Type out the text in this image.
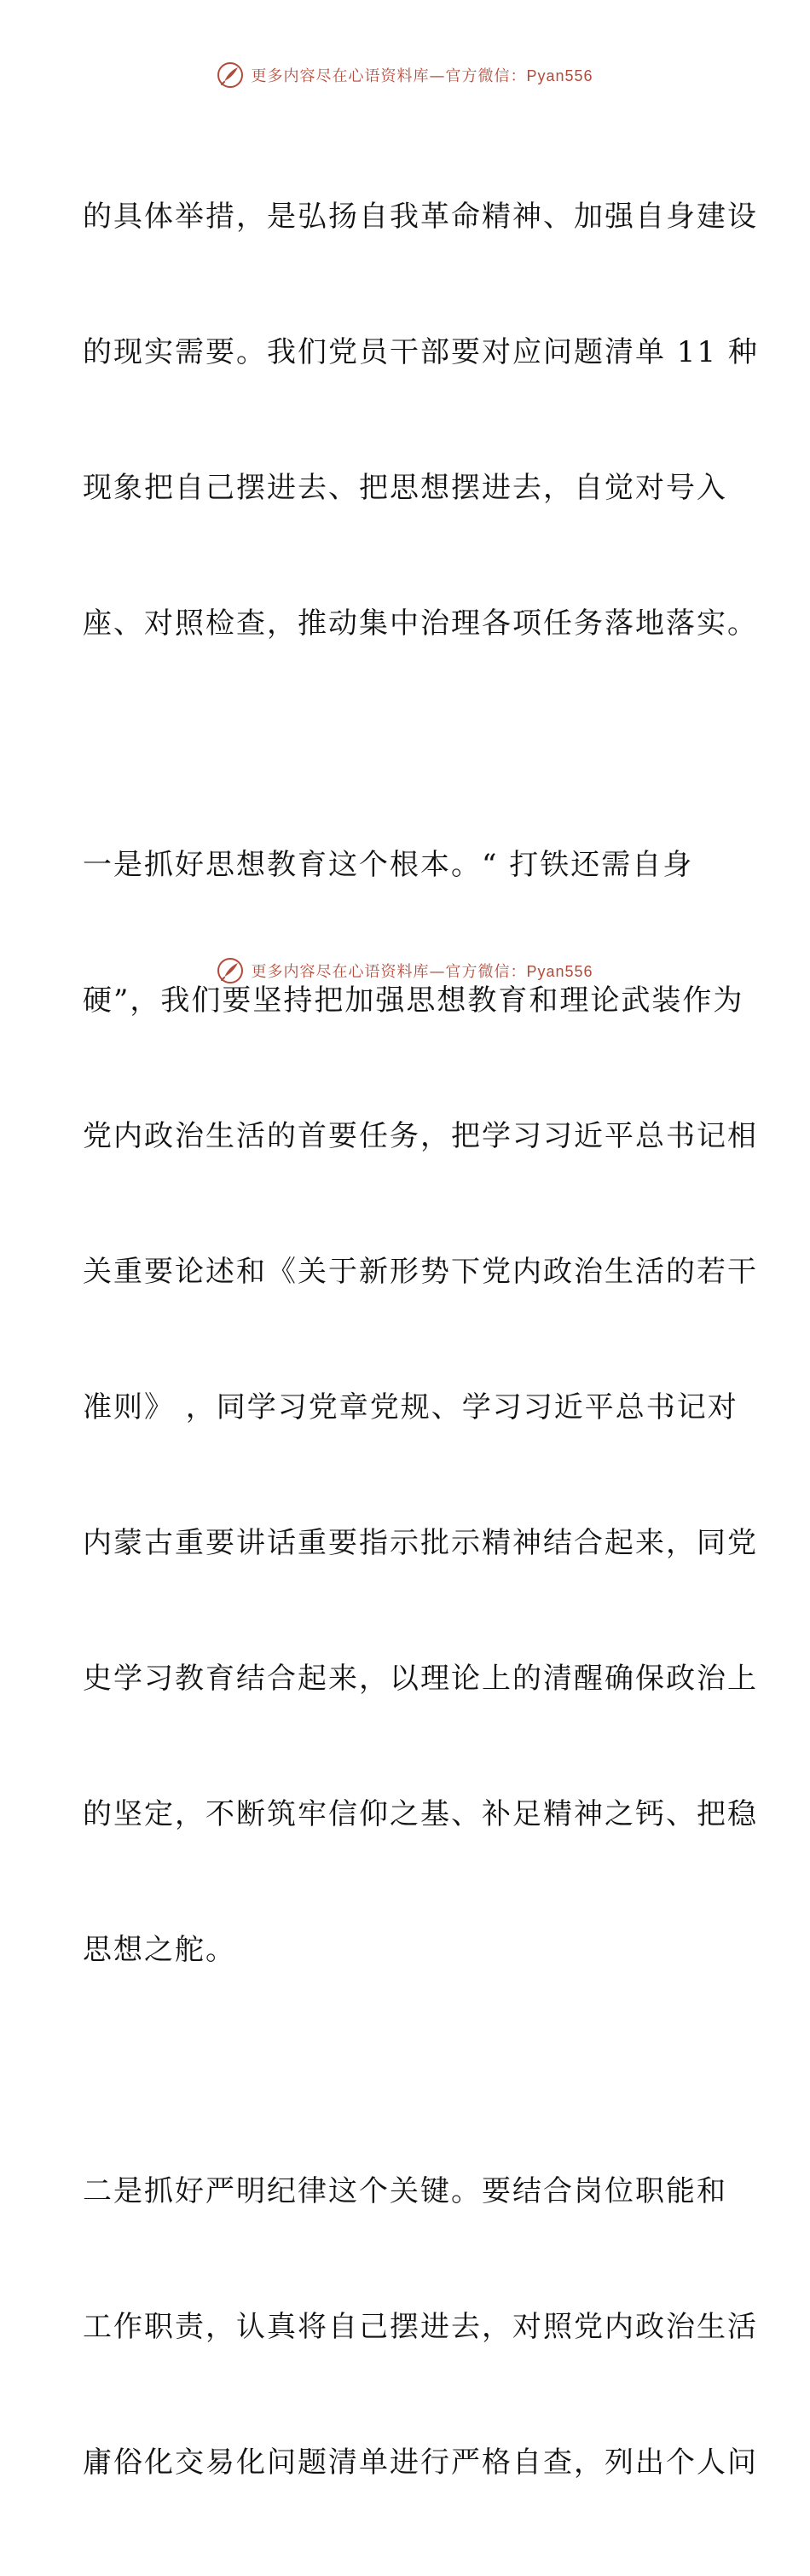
更多内容尽在心语资料库—官方微信：Pyan556

的具体举措，是弘扬自我革命精神、加强自身建设

的现实需要。我们党员干部要对应问题清单 11 种

现象把自己摆进去、把思想摆进去，自觉对号入

座、对照检查，推动集中治理各项任务落地落实。

一是抓好思想教育这个根本。“ 打铁还需自身

硬”，我们要坚持把加强思想教育和理论武装作为

党内政治生活的首要任务，把学习习近平总书记相

关重要论述和《关于新形势下党内政治生活的若干

准则》 ，同学习党章党规、学习习近平总书记对

内蒙古重要讲话重要指示批示精神结合起来，同党

史学习教育结合起来，以理论上的清醒确保政治上

的坚定，不断筑牢信仰之基、补足精神之钙、把稳

思想之舵。

二是抓好严明纪律这个关键。要结合岗位职能和

工作职责，认真将自己摆进去，对照党内政治生活

庸俗化交易化问题清单进行严格自查，列出个人问

更多内容尽在心语资料库—官方微信：Pyan556
